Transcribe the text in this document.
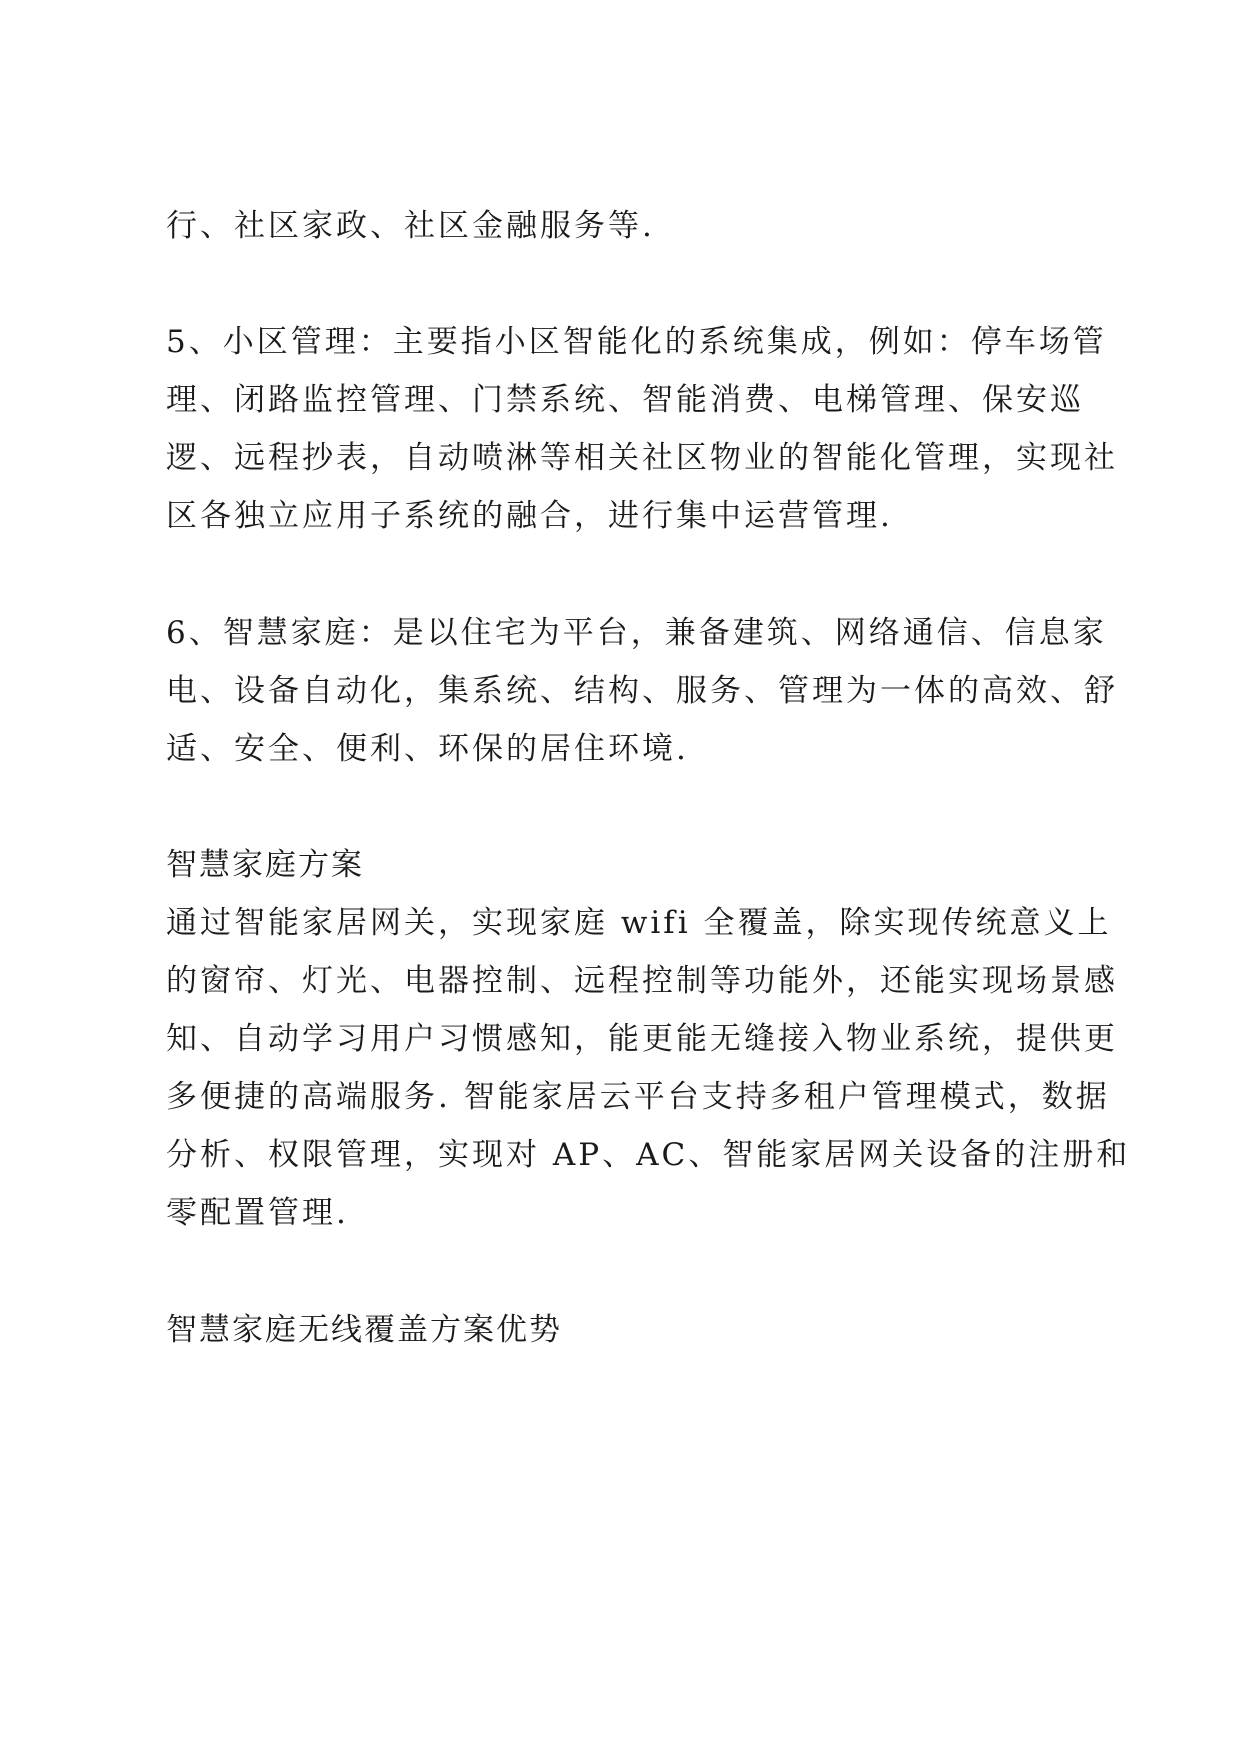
行、社区家政、社区金融服务等.
5、小区管理：主要指小区智能化的系统集成，例如：停车场管
理、闭路监控管理、门禁系统、智能消费、电梯管理、保安巡
逻、远程抄表，自动喷淋等相关社区物业的智能化管理，实现社
区各独立应用子系统的融合，进行集中运营管理.
6、智慧家庭：是以住宅为平台，兼备建筑、网络通信、信息家
电、设备自动化，集系统、结构、服务、管理为一体的高效、舒
适、安全、便利、环保的居住环境.
智慧家庭方案
通过智能家居网关，实现家庭 wifi 全覆盖，除实现传统意义上
的窗帘、灯光、电器控制、远程控制等功能外，还能实现场景感
知、自动学习用户习惯感知，能更能无缝接入物业系统，提供更
多便捷的高端服务. 智能家居云平台支持多租户管理模式，数据
分析、权限管理，实现对 AP、AC、智能家居网关设备的注册和
零配置管理.
智慧家庭无线覆盖方案优势
